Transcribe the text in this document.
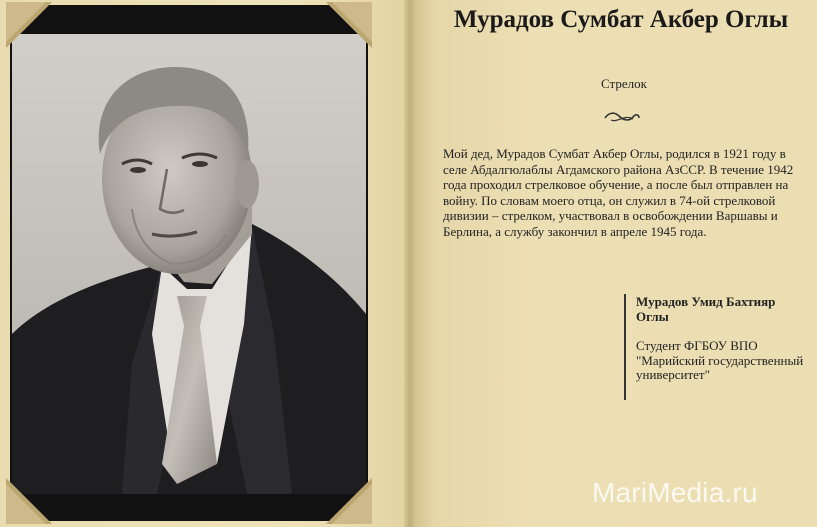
Мурадов Сумбат Акбер Оглы
Стрелок

Мой дед, Мурадов Сумбат Акбер Оглы, родился в 1921 году в селе Абдалгюлаблы Агдамского района АзССР. В течение 1942 года проходил стрелковое обучение, а после был отправлен на войну. По словам моего отца, он служил в 74-ой стрелковой дивизии – стрелком, участвовал в освобождении Варшавы и Берлина, а службу закончил в апреле 1945 года.

Мурадов Умид Бахтияр Оглы
Студент ФГБОУ ВПО "Марийский государственный университет"
MariMedia.ru
